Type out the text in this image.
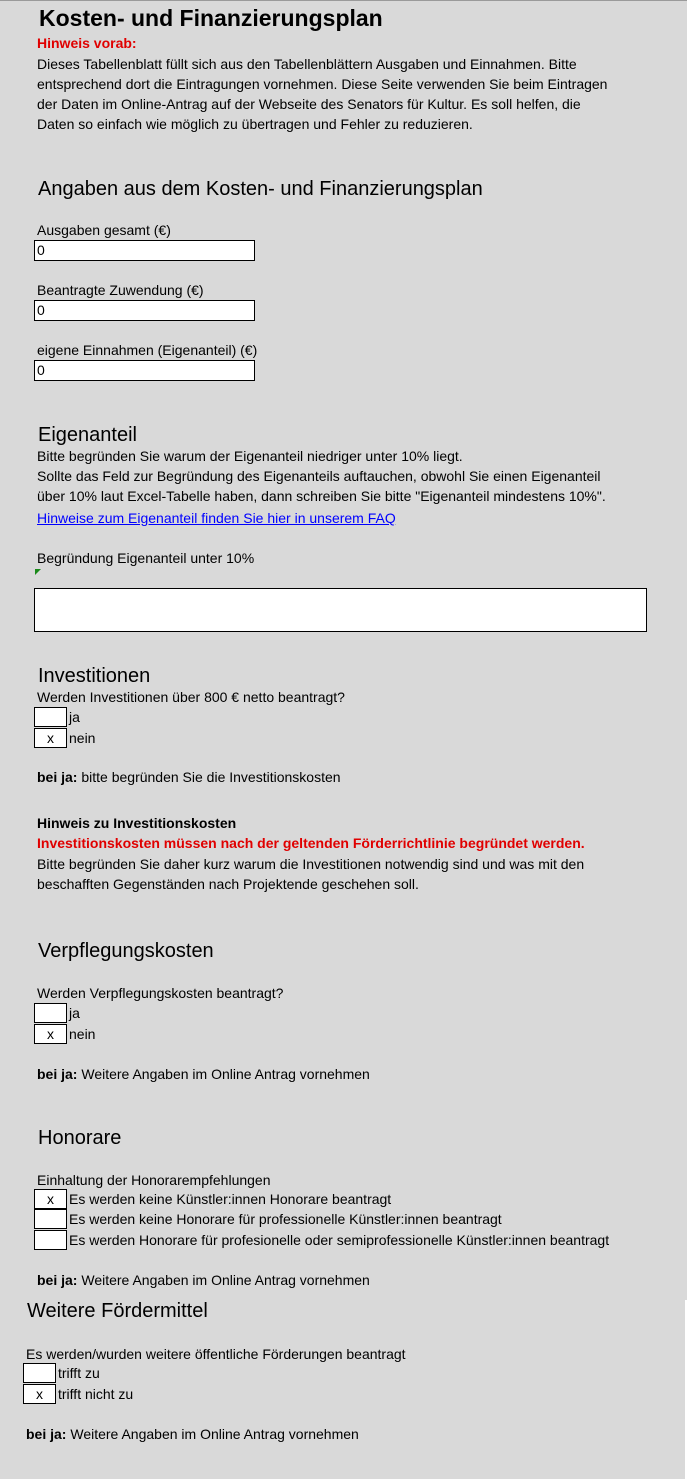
Kosten- und Finanzierungsplan
Hinweis vorab:
Dieses Tabellenblatt füllt sich aus den Tabellenblättern Ausgaben und Einnahmen. Bitte
entsprechend dort die Eintragungen vornehmen. Diese Seite verwenden Sie beim Eintragen
der Daten im Online-Antrag auf der Webseite des Senators für Kultur. Es soll helfen, die
Daten so einfach wie möglich zu übertragen und Fehler zu reduzieren.
Angaben aus dem Kosten- und Finanzierungsplan
Ausgaben gesamt (€)
0
Beantragte Zuwendung (€)
0
eigene Einnahmen (Eigenanteil) (€)
0
Eigenanteil
Bitte begründen Sie warum der Eigenanteil niedriger unter 10% liegt.
Sollte das Feld zur Begründung des Eigenanteils auftauchen, obwohl Sie einen Eigenanteil
über 10% laut Excel-Tabelle haben, dann schreiben Sie bitte "Eigenanteil mindestens 10%".
Hinweise zum Eigenanteil finden Sie hier in unserem FAQ
Begründung Eigenanteil unter 10%
Investitionen
Werden Investitionen über 800 € netto beantragt?
ja
x	nein
bei ja: bitte begründen Sie die Investitionskosten
Hinweis zu Investitionskosten
Investitionskosten müssen nach der geltenden Förderrichtlinie begründet werden.
Bitte begründen Sie daher kurz warum die Investitionen notwendig sind und was mit den
beschafften Gegenständen nach Projektende geschehen soll.
Verpflegungskosten
Werden Verpflegungskosten beantragt?
ja
x	nein
bei ja: Weitere Angaben im Online Antrag vornehmen
Honorare
Einhaltung der Honorarempfehlungen
x	Es werden keine Künstler:innen Honorare beantragt
Es werden keine Honorare für professionelle Künstler:innen beantragt
Es werden Honorare für profesionelle oder semiprofessionelle Künstler:innen beantragt
bei ja: Weitere Angaben im Online Antrag vornehmen
Weitere Fördermittel
Es werden/wurden weitere öffentliche Förderungen beantragt
trifft zu
x	trifft nicht zu
bei ja: Weitere Angaben im Online Antrag vornehmen
